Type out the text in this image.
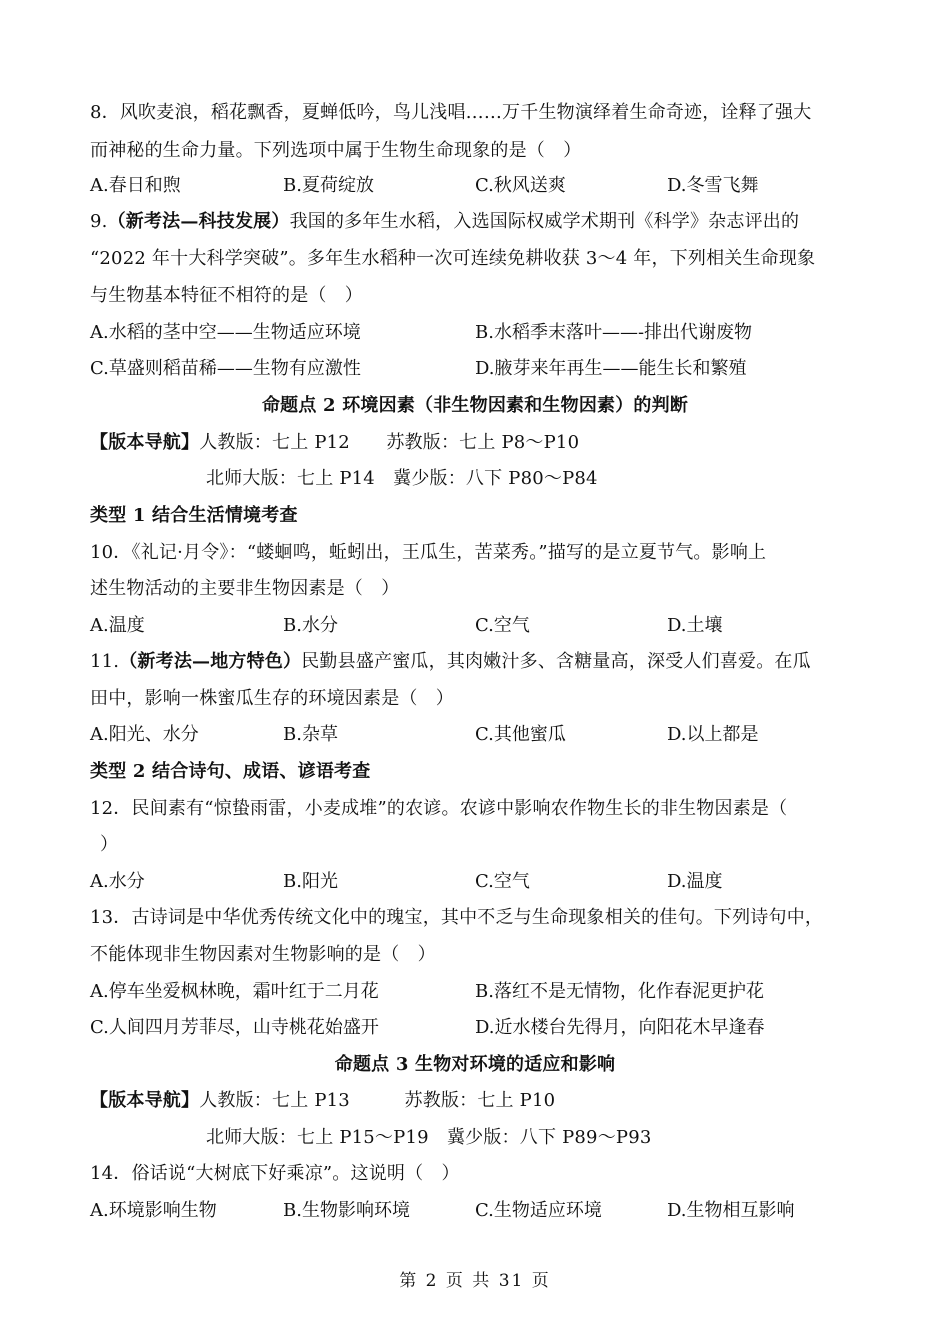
8．风吹麦浪，稻花飘香，夏蝉低吟，鸟儿浅唱……万千生物演绎着生命奇迹，诠释了强大
而神秘的生命力量。下列选项中属于生物生命现象的是（　）
A.春日和煦	B.夏荷绽放	C.秋风送爽	D.冬雪飞舞
9.（新考法—科技发展）我国的多年生水稻，入选国际权威学术期刊《科学》杂志评出的
“2022 年十大科学突破”。多年生水稻种一次可连续免耕收获 3～4 年，下列相关生命现象
与生物基本特征不相符的是（　）
A.水稻的茎中空——生物适应环境	B.水稻季末落叶——-排出代谢废物
C.草盛则稻苗稀——生物有应激性	D.腋芽来年再生——能生长和繁殖
命题点 2 环境因素（非生物因素和生物因素）的判断
【版本导航】人教版：七上 P12　　苏教版：七上 P8～P10
北师大版：七上 P14　冀少版：八下 P80～P84
类型 1 结合生活情境考查
10．《礼记·月令》：“蝼蛔鸣，蚯蚓出，王瓜生，苦菜秀。”描写的是立夏节气。影响上
述生物活动的主要非生物因素是（　）
A.温度	B.水分	C.空气	D.土壤
11.（新考法—地方特色）民勤县盛产蜜瓜，其肉嫩汁多、含糖量高，深受人们喜爱。在瓜
田中，影响一株蜜瓜生存的环境因素是（　）
A.阳光、水分	B.杂草	C.其他蜜瓜	D.以上都是
类型 2 结合诗句、成语、谚语考查
12．民间素有“惊蛰雨雷，小麦成堆”的农谚。农谚中影响农作物生长的非生物因素是（
）
A.水分	B.阳光	C.空气	D.温度
13．古诗词是中华优秀传统文化中的瑰宝，其中不乏与生命现象相关的佳句。下列诗句中，
不能体现非生物因素对生物影响的是（　）
A.停车坐爱枫林晚，霜叶红于二月花	B.落红不是无情物，化作春泥更护花
C.人间四月芳菲尽，山寺桃花始盛开	D.近水楼台先得月，向阳花木早逢春
命题点 3 生物对环境的适应和影响
【版本导航】人教版：七上 P13　　　苏教版：七上 P10
北师大版：七上 P15～P19　冀少版：八下 P89～P93
14．俗话说“大树底下好乘凉”。这说明（　）
A.环境影响生物	B.生物影响环境	C.生物适应环境	D.生物相互影响
第 2 页 共 31 页
